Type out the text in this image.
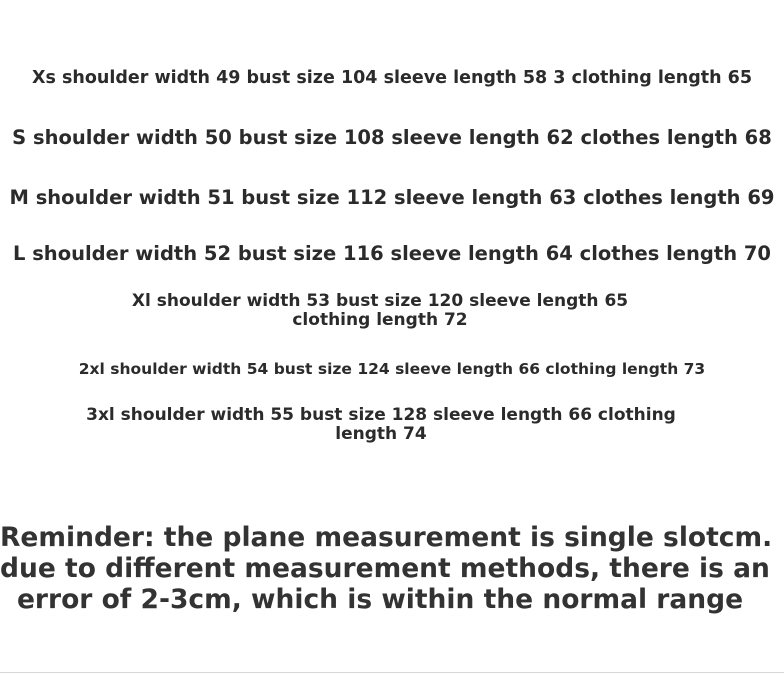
Xs shoulder width 49 bust size 104 sleeve length 58 3 clothing length 65
S shoulder width 50 bust size 108 sleeve length 62 clothes length 68
M shoulder width 51 bust size 112 sleeve length 63 clothes length 69
L shoulder width 52 bust size 116 sleeve length 64 clothes length 70
Xl shoulder width 53 bust size 120 sleeve length 65 clothing length 72
2xl shoulder width 54 bust size 124 sleeve length 66 clothing length 73
3xl shoulder width 55 bust size 128 sleeve length 66 clothing length 74
Reminder: the plane measurement is single slotcm.
due to different measurement methods, there is an
error of 2-3cm, which is within the normal range
